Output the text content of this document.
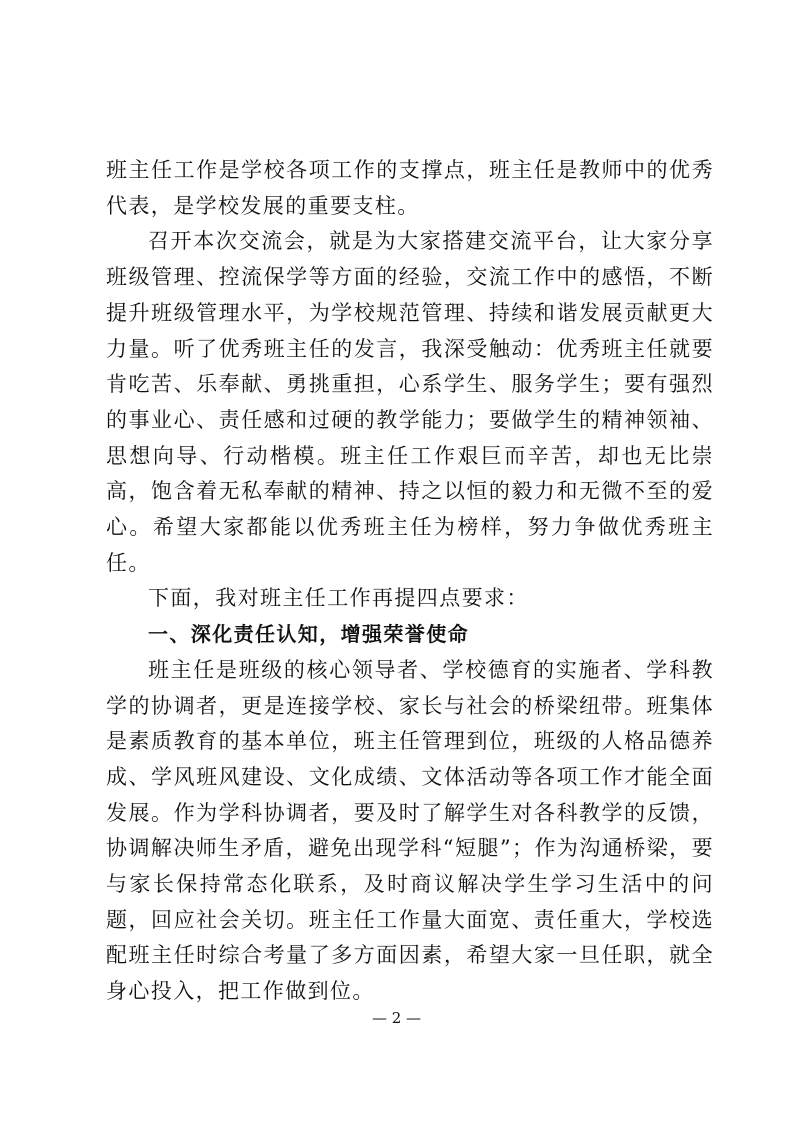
班主任工作是学校各项工作的支撑点，班主任是教师中的优秀代表，是学校发展的重要支柱。

召开本次交流会，就是为大家搭建交流平台，让大家分享班级管理、控流保学等方面的经验，交流工作中的感悟，不断提升班级管理水平，为学校规范管理、持续和谐发展贡献更大力量。听了优秀班主任的发言，我深受触动：优秀班主任就要肯吃苦、乐奉献、勇挑重担，心系学生、服务学生；要有强烈的事业心、责任感和过硬的教学能力；要做学生的精神领袖、思想向导、行动楷模。班主任工作艰巨而辛苦，却也无比崇高，饱含着无私奉献的精神、持之以恒的毅力和无微不至的爱心。希望大家都能以优秀班主任为榜样，努力争做优秀班主任。

下面，我对班主任工作再提四点要求：

一、深化责任认知，增强荣誉使命

班主任是班级的核心领导者、学校德育的实施者、学科教学的协调者，更是连接学校、家长与社会的桥梁纽带。班集体是素质教育的基本单位，班主任管理到位，班级的人格品德养成、学风班风建设、文化成绩、文体活动等各项工作才能全面发展。作为学科协调者，要及时了解学生对各科教学的反馈，协调解决师生矛盾，避免出现学科“短腿”；作为沟通桥梁，要与家长保持常态化联系，及时商议解决学生学习生活中的问题，回应社会关切。班主任工作量大面宽、责任重大，学校选配班主任时综合考量了多方面因素，希望大家一旦任职，就全身心投入，把工作做到位。

— 2 —
